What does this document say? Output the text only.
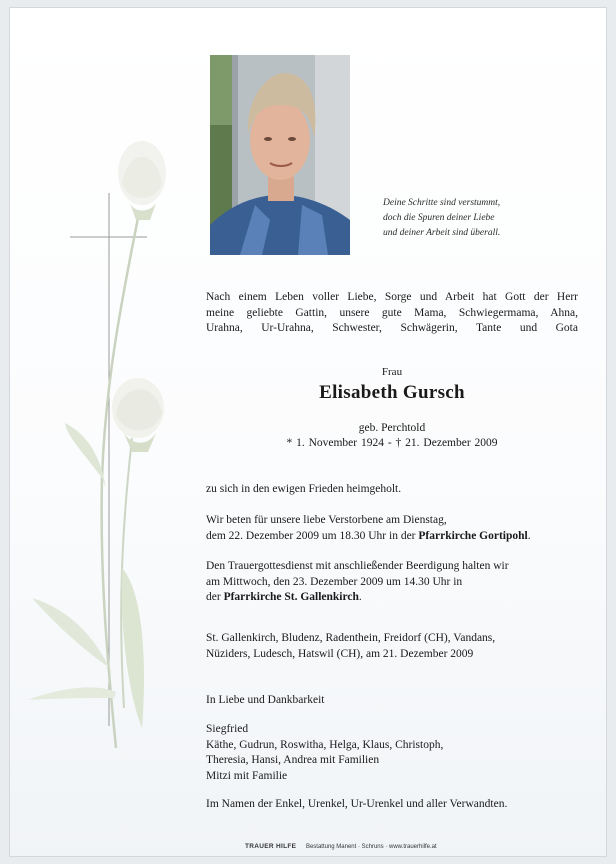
Deine Schritte sind verstummt,
doch die Spuren deiner Liebe
und deiner Arbeit sind überall.
Nach einem Leben voller Liebe, Sorge und Arbeit hat Gott der Herr
meine geliebte Gattin, unsere gute Mama, Schwiegermama, Ahna,
Urahna, Ur-Urahna, Schwester, Schwägerin, Tante und Gota
Frau
Elisabeth Gursch
geb. Perchtold
* 1. November 1924 - † 21. Dezember 2009
zu sich in den ewigen Frieden heimgeholt.
Wir beten für unsere liebe Verstorbene am Dienstag,
dem 22. Dezember 2009 um 18.30 Uhr in der Pfarrkirche Gortipohl.
Den Trauergottesdienst mit anschließender Beerdigung halten wir
am Mittwoch, den 23. Dezember 2009 um 14.30 Uhr in
der Pfarrkirche St. Gallenkirch.
St. Gallenkirch, Bludenz, Radenthein, Freidorf (CH), Vandans,
Nüziders, Ludesch, Hatswil (CH), am 21. Dezember 2009
In Liebe und Dankbarkeit
Siegfried
Käthe, Gudrun, Roswitha, Helga, Klaus, Christoph,
Theresia, Hansi, Andrea mit Familien
Mitzi mit Familie
Im Namen der Enkel, Urenkel, Ur-Urenkel und aller Verwandten.
TRAUER HILFE Bestattung Manent · Schruns · www.trauerhilfe.at
